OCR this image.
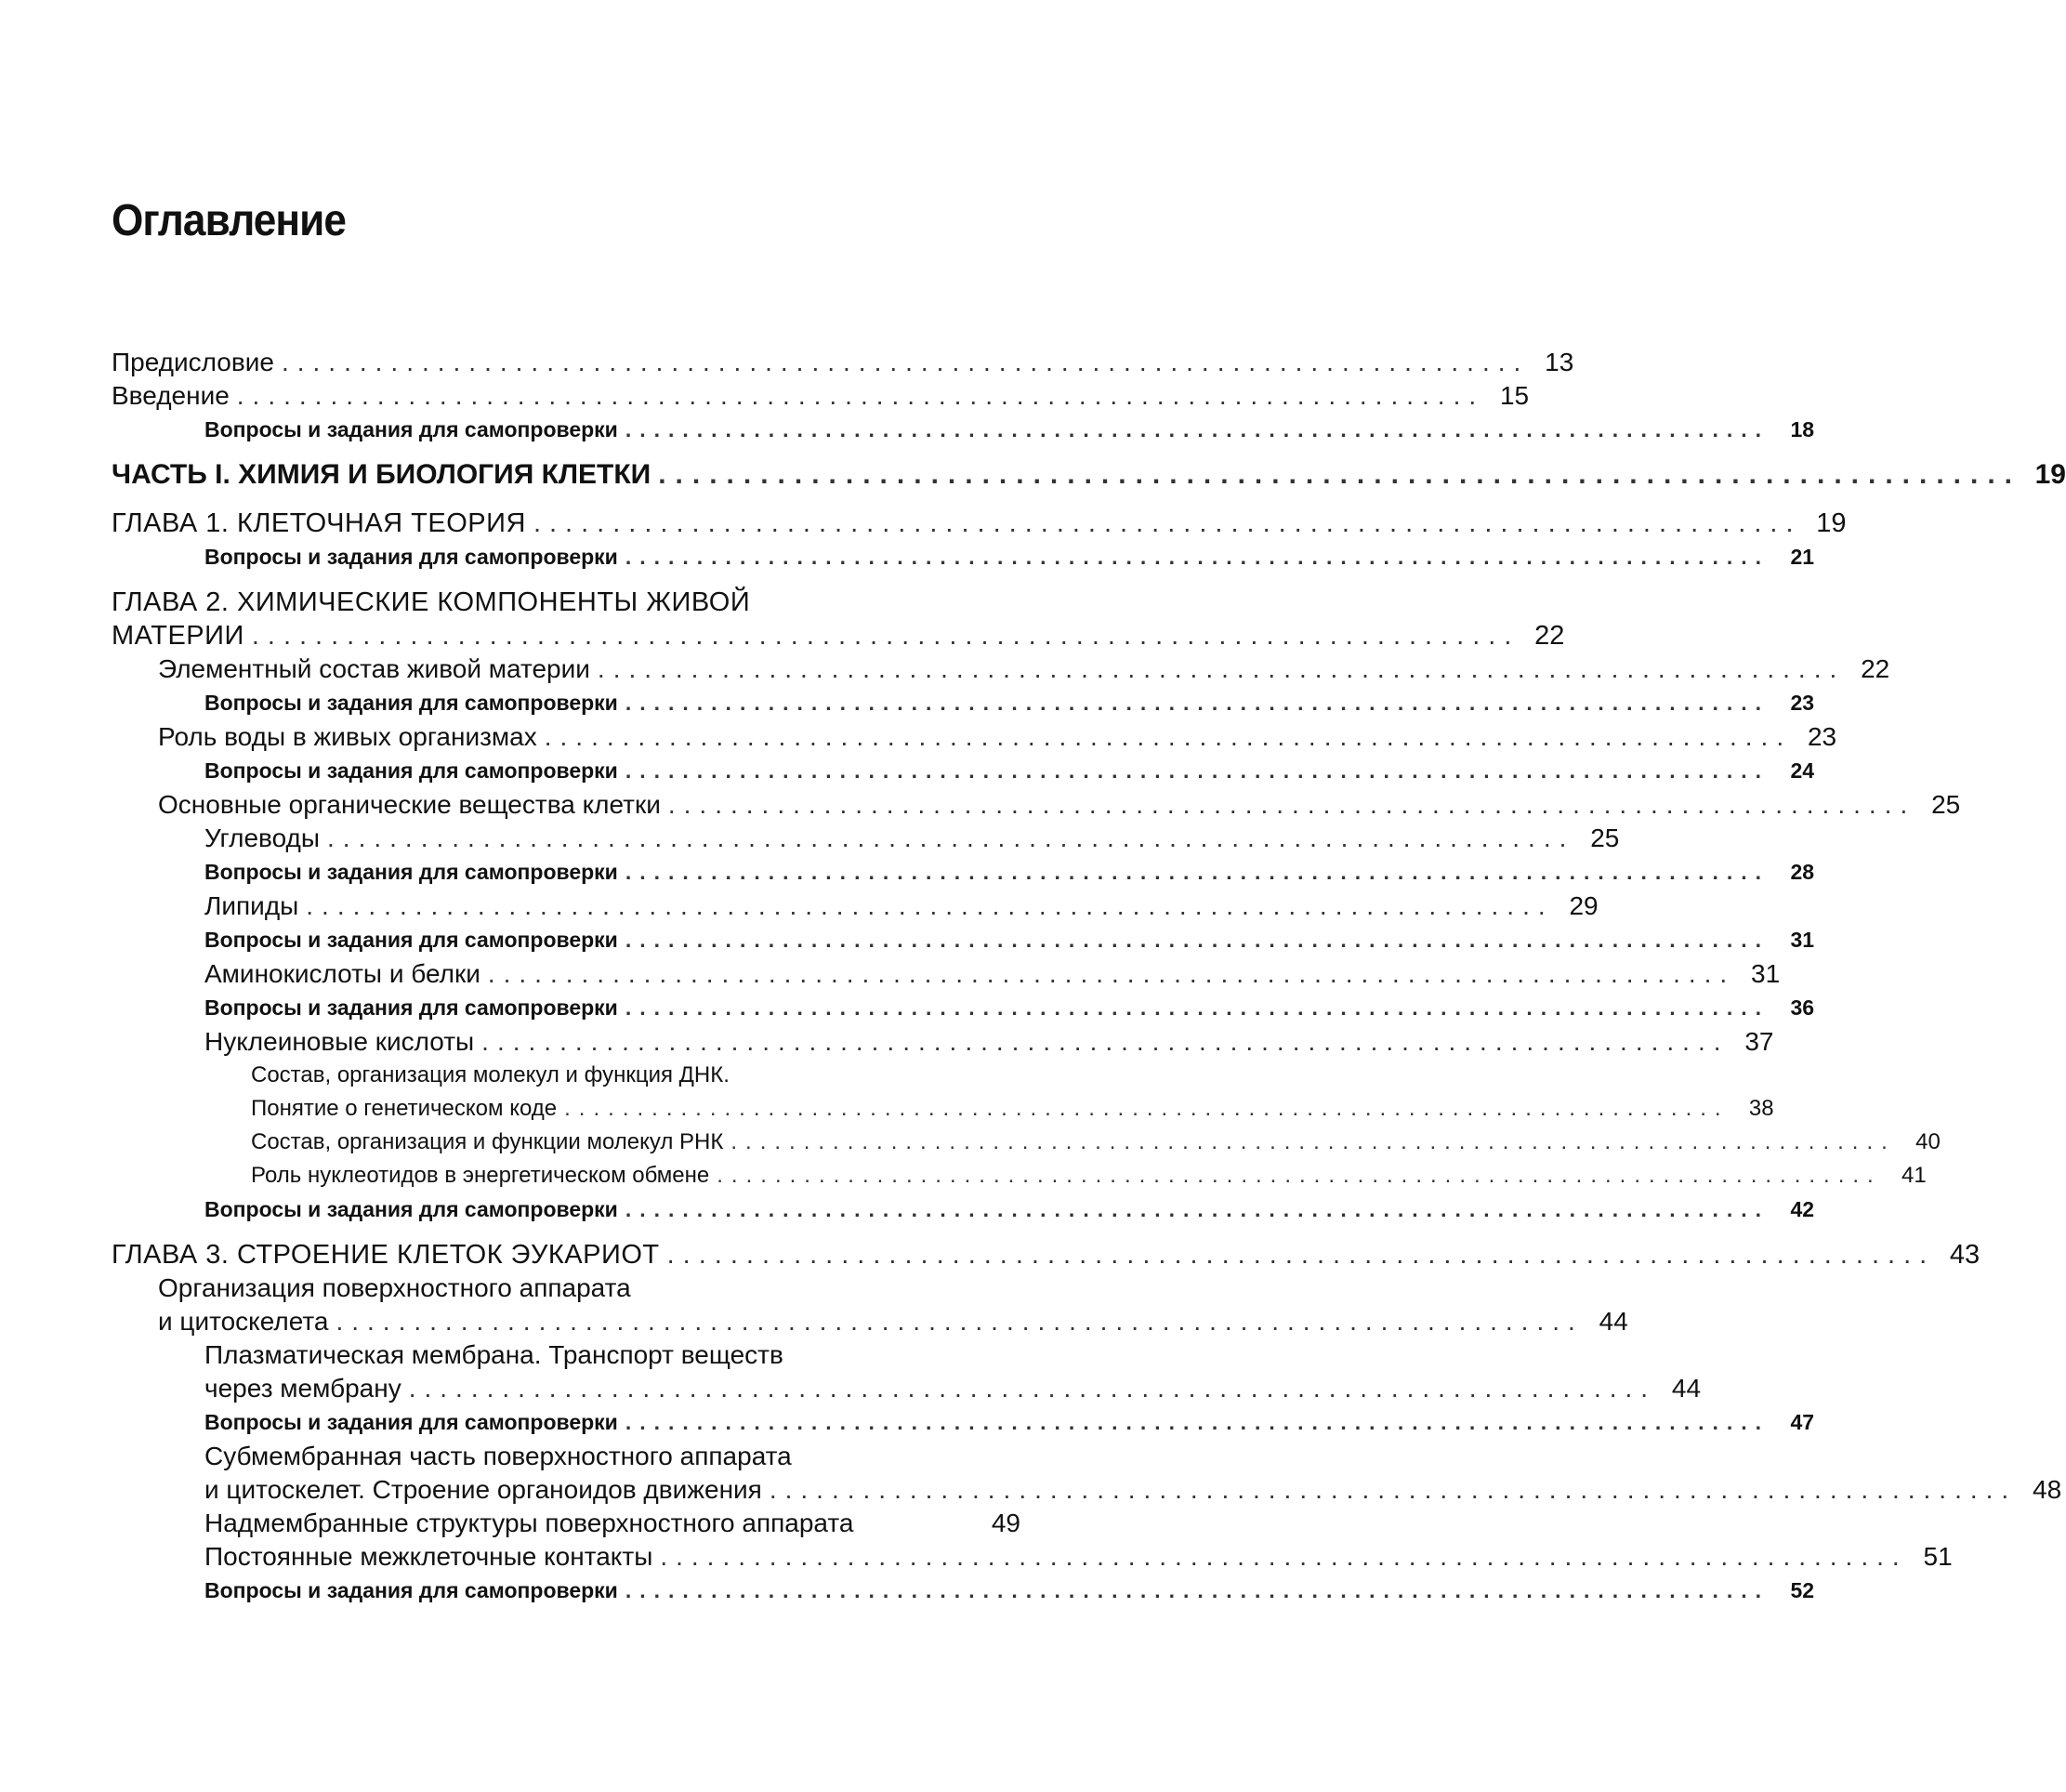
Оглавление
Предисловие ................................................................................ 13
Введение ................................................................................ 15
Вопросы и задания для самопроверки ................................................................................ 18
ЧАСТЬ I. ХИМИЯ И БИОЛОГИЯ КЛЕТКИ ................................................................................ 19
ГЛАВА 1. КЛЕТОЧНАЯ ТЕОРИЯ ................................................................................ 19
Вопросы и задания для самопроверки ................................................................................ 21
ГЛАВА 2. ХИМИЧЕСКИЕ КОМПОНЕНТЫ ЖИВОЙ
МАТЕРИИ ................................................................................ 22
Элементный состав живой материи ................................................................................ 22
Вопросы и задания для самопроверки ................................................................................ 23
Роль воды в живых организмах ................................................................................ 23
Вопросы и задания для самопроверки ................................................................................ 24
Основные органические вещества клетки ................................................................................ 25
Углеводы ................................................................................ 25
Вопросы и задания для самопроверки ................................................................................ 28
Липиды ................................................................................ 29
Вопросы и задания для самопроверки ................................................................................ 31
Аминокислоты и белки ................................................................................ 31
Вопросы и задания для самопроверки ................................................................................ 36
Нуклеиновые кислоты ................................................................................ 37
Состав, организация молекул и функция ДНК.
Понятие о генетическом коде ................................................................................ 38
Состав, организация и функции молекул РНК ................................................................................ 40
Роль нуклеотидов в энергетическом обмене ................................................................................ 41
Вопросы и задания для самопроверки ................................................................................ 42
ГЛАВА 3. СТРОЕНИЕ КЛЕТОК ЭУКАРИОТ ................................................................................ 43
Организация поверхностного аппарата
и цитоскелета ................................................................................ 44
Плазматическая мембрана. Транспорт веществ
через мембрану ................................................................................ 44
Вопросы и задания для самопроверки ................................................................................ 47
Субмембранная часть поверхностного аппарата
и цитоскелет. Строение органоидов движения ................................................................................ 48
Надмембранные структуры поверхностного аппарата	49
Постоянные межклеточные контакты ................................................................................ 51
Вопросы и задания для самопроверки ................................................................................ 52
